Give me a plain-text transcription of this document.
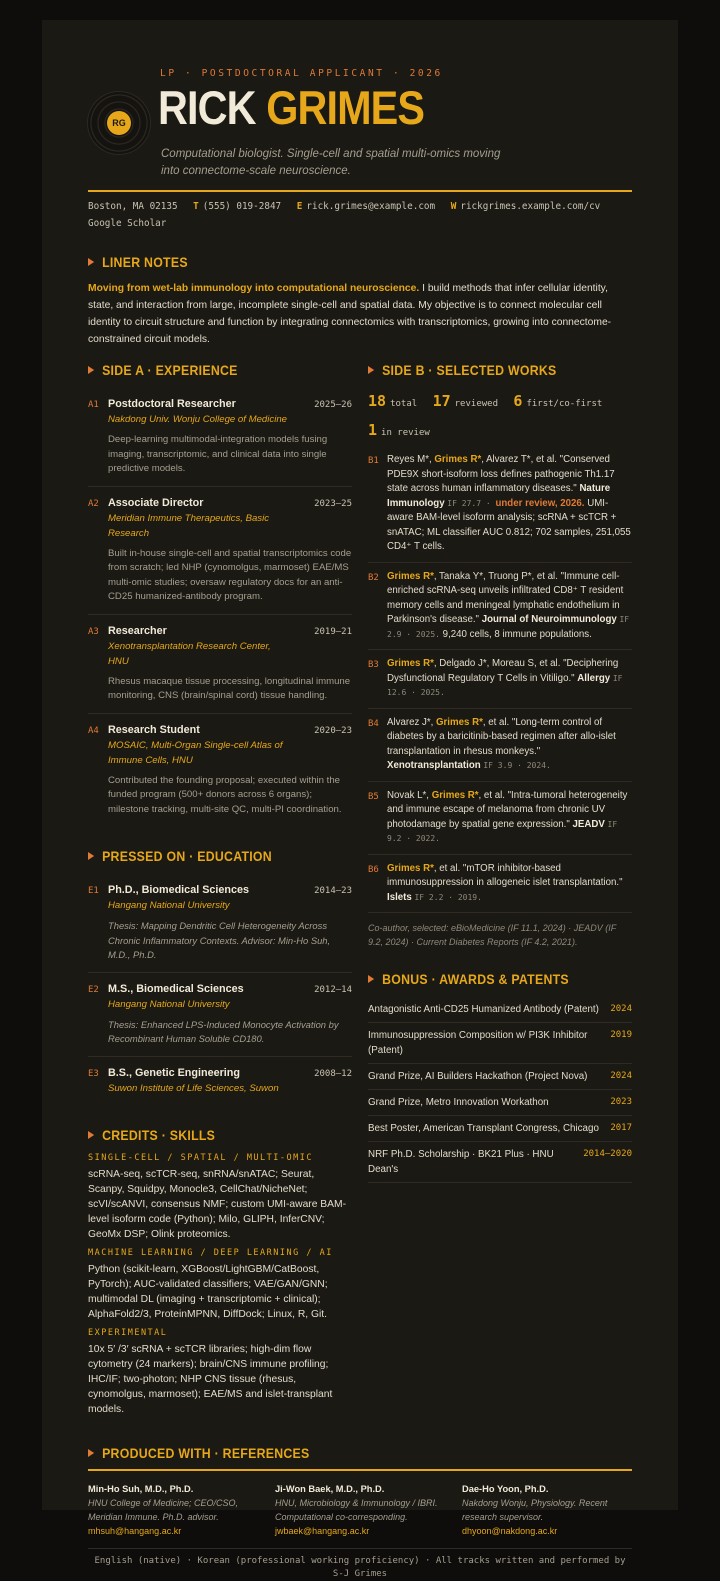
RG
LP · POSTDOCTORAL APPLICANT · 2026
RICK GRIMES
Computational biologist. Single-cell and spatial multi-omics moving into connectome-scale neuroscience.
Boston, MA 02135 T (555) 019-2847 E rick.grimes@example.com W rickgrimes.example.com/cv
Google Scholar
LINER NOTES
Moving from wet-lab immunology into computational neuroscience. I build methods that infer cellular identity, state, and interaction from large, incomplete single-cell and spatial data. My objective is to connect molecular cell identity to circuit structure and function by integrating connectomics with transcriptomics, growing into connectome-constrained circuit models.
SIDE A · EXPERIENCE
A1	2025–26
Postdoctoral Researcher
Nakdong Univ. Wonju College of Medicine
Deep-learning multimodal-integration models fusing imaging, transcriptomic, and clinical data into single predictive models.
A2	2023–25
Associate Director
Meridian Immune Therapeutics, Basic Research
Built in-house single-cell and spatial transcriptomics code from scratch; led NHP (cynomolgus, marmoset) EAE/MS multi-omic studies; oversaw regulatory docs for an anti-CD25 humanized-antibody program.
A3	2019–21
Researcher
Xenotransplantation Research Center, HNU
Rhesus macaque tissue processing, longitudinal immune monitoring, CNS (brain/spinal cord) tissue handling.
A4	2020–23
Research Student
MOSAIC, Multi-Organ Single-cell Atlas of Immune Cells, HNU
Contributed the founding proposal; executed within the funded program (500+ donors across 6 organs); milestone tracking, multi-site QC, multi-PI coordination.
PRESSED ON · EDUCATION
E1	2014–23
Ph.D., Biomedical Sciences
Hangang National University
Thesis: Mapping Dendritic Cell Heterogeneity Across Chronic Inflammatory Contexts. Advisor: Min-Ho Suh, M.D., Ph.D.
E2	2012–14
M.S., Biomedical Sciences
Hangang National University
Thesis: Enhanced LPS-Induced Monocyte Activation by Recombinant Human Soluble CD180.
E3	2008–12
B.S., Genetic Engineering
Suwon Institute of Life Sciences, Suwon
CREDITS · SKILLS
SINGLE-CELL / SPATIAL / MULTI-OMIC
scRNA-seq, scTCR-seq, snRNA/snATAC; Seurat, Scanpy, Squidpy, Monocle3, CellChat/NicheNet; scVI/scANVI, consensus NMF; custom UMI-aware BAM-level isoform code (Python); Milo, GLIPH, InferCNV; GeoMx DSP; Olink proteomics.
MACHINE LEARNING / DEEP LEARNING / AI
Python (scikit-learn, XGBoost/LightGBM/CatBoost, PyTorch); AUC-validated classifiers; VAE/GAN/GNN; multimodal DL (imaging + transcriptomic + clinical); AlphaFold2/3, ProteinMPNN, DiffDock; Linux, R, Git.
EXPERIMENTAL
10x 5′ /3′ scRNA + scTCR libraries; high-dim flow cytometry (24 markers); brain/CNS immune profiling; IHC/IF; two-photon; NHP CNS tissue (rhesus, cynomolgus, marmoset); EAE/MS and islet-transplant models.
SIDE B · SELECTED WORKS
18 total 17 reviewed 6 first/co-first
1 in review
B1 Reyes M*, Grimes R*, Alvarez T*, et al. "Conserved PDE9X short-isoform loss defines pathogenic Th1.17 state across human inflammatory diseases." Nature Immunology IF 27.7 · under review, 2026. UMI-aware BAM-level isoform analysis; scRNA + scTCR + snATAC; ML classifier AUC 0.812; 702 samples, 251,055 CD4⁺ T cells.
B2 Grimes R*, Tanaka Y*, Truong P*, et al. "Immune cell-enriched scRNA-seq unveils infiltrated CD8⁺ T resident memory cells and meningeal lymphatic endothelium in Parkinson's disease." Journal of Neuroimmunology IF 2.9 · 2025. 9,240 cells, 8 immune populations.
B3 Grimes R*, Delgado J*, Moreau S, et al. "Deciphering Dysfunctional Regulatory T Cells in Vitiligo." Allergy IF 12.6 · 2025.
B4 Alvarez J*, Grimes R*, et al. "Long-term control of diabetes by a baricitinib-based regimen after allo-islet transplantation in rhesus monkeys." Xenotransplantation IF 3.9 · 2024.
B5 Novak L*, Grimes R*, et al. "Intra-tumoral heterogeneity and immune escape of melanoma from chronic UV photodamage by spatial gene expression." JEADV IF 9.2 · 2022.
B6 Grimes R*, et al. "mTOR inhibitor-based immunosuppression in allogeneic islet transplantation." Islets IF 2.2 · 2019.
Co-author, selected: eBioMedicine (IF 11.1, 2024) · JEADV (IF 9.2, 2024) · Current Diabetes Reports (IF 4.2, 2021).
BONUS · AWARDS & PATENTS
Antagonistic Anti-CD25 Humanized Antibody (Patent) 2024
Immunosuppression Composition w/ PI3K Inhibitor (Patent)
2019
Grand Prize, AI Builders Hackathon (Project Nova)	2024
Grand Prize, Metro Innovation Workathon	2023
Best Poster, American Transplant Congress, Chicago 2017
NRF Ph.D. Scholarship · BK21 Plus · HNU Dean's
2014–2020
PRODUCED WITH · REFERENCES
Min-Ho Suh, M.D., Ph.D.
HNU College of Medicine; CEO/CSO, Meridian Immune. Ph.D. advisor.
mhsuh@hangang.ac.kr
Ji-Won Baek, M.D., Ph.D.
HNU, Microbiology & Immunology / IBRI. Computational co-corresponding.
jwbaek@hangang.ac.kr
Dae-Ho Yoon, Ph.D.
Nakdong Wonju, Physiology. Recent research supervisor.
dhyoon@nakdong.ac.kr
English (native) · Korean (professional working proficiency) · All tracks written and performed by S-J Grimes
